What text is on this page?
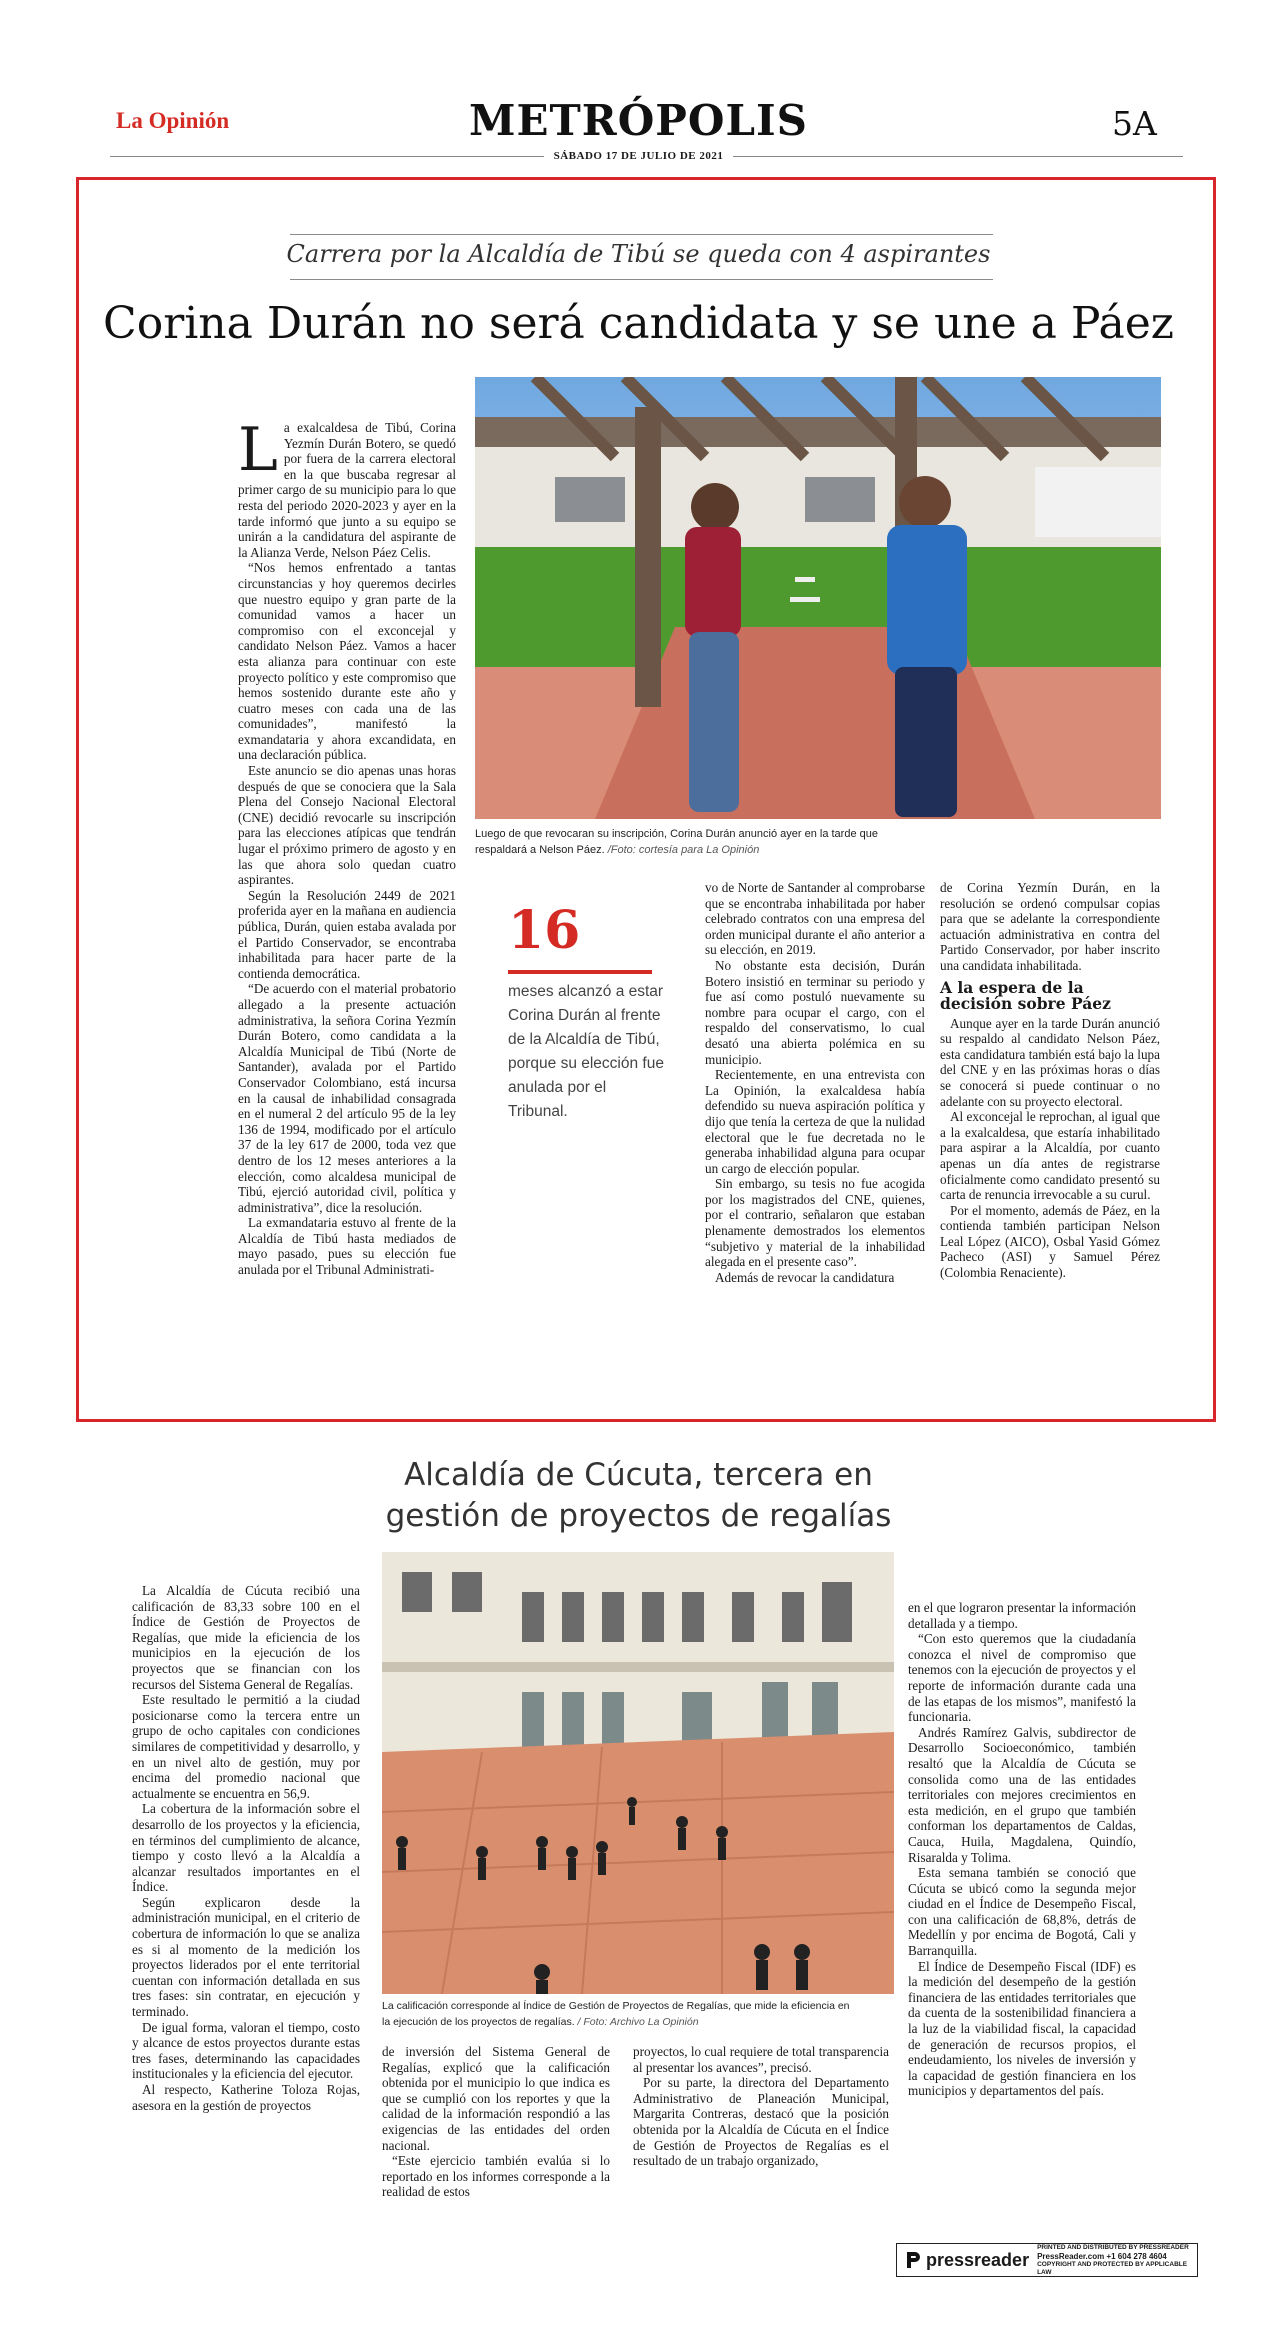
La Opinión	METRÓPOLIS	5A
SÁBADO 17 DE JULIO DE 2021
Carrera por la Alcaldía de Tibú se queda con 4 aspirantes
Corina Durán no será candidata y se une a Páez
Luego de que revocaran su inscripción, Corina Durán anunció ayer en la tarde que respaldará a Nelson Páez. /Foto: cortesía para La Opinión

La exalcaldesa de Tibú, Corina Yezmín Durán Botero, se quedó por fuera de la carrera electoral en la que buscaba regresar al primer cargo de su municipio para lo que resta del periodo 2020-2023 y ayer en la tarde informó que junto a su equipo se unirán a la candidatura del aspirante de la Alianza Verde, Nelson Páez Celis.

“Nos hemos enfrentado a tantas circunstancias y hoy queremos decirles que nuestro equipo y gran parte de la comunidad vamos a hacer un compromiso con el exconcejal y candidato Nelson Páez. Vamos a hacer esta alianza para continuar con este proyecto político y este compromiso que hemos sostenido durante este año y cuatro meses con cada una de las comunidades”, manifestó la exmandataria y ahora excandidata, en una declaración pública.

Este anuncio se dio apenas unas horas después de que se conociera que la Sala Plena del Consejo Nacional Electoral (CNE) decidió revocarle su inscripción para las elecciones atípicas que tendrán lugar el próximo primero de agosto y en las que ahora solo quedan cuatro aspirantes.

Según la Resolución 2449 de 2021 proferida ayer en la mañana en audiencia pública, Durán, quien estaba avalada por el Partido Conservador, se encontraba inhabilitada para hacer parte de la contienda democrática.

“De acuerdo con el material probatorio allegado a la presente actuación administrativa, la señora Corina Yezmín Durán Botero, como candidata a la Alcaldía Municipal de Tibú (Norte de Santander), avalada por el Partido Conservador Colombiano, está incursa en la causal de inhabilidad consagrada en el numeral 2 del artículo 95 de la ley 136 de 1994, modificado por el artículo 37 de la ley 617 de 2000, toda vez que dentro de los 12 meses anteriores a la elección, como alcaldesa municipal de Tibú, ejerció autoridad civil, política y administrativa”, dice la resolución.

La exmandataria estuvo al frente de la Alcaldía de Tibú hasta mediados de mayo pasado, pues su elección fue anulada por el Tribunal Administrati-

16
meses alcanzó a estar Corina Durán al frente de la Alcaldía de Tibú, porque su elección fue anulada por el Tribunal.

vo de Norte de Santander al comprobarse que se encontraba inhabilitada por haber celebrado contratos con una empresa del orden municipal durante el año anterior a su elección, en 2019.

No obstante esta decisión, Durán Botero insistió en terminar su periodo y fue así como postuló nuevamente su nombre para ocupar el cargo, con el respaldo del conservatismo, lo cual desató una abierta polémica en su municipio.

Recientemente, en una entrevista con La Opinión, la exalcaldesa había defendido su nueva aspiración política y dijo que tenía la certeza de que la nulidad electoral que le fue decretada no le generaba inhabilidad alguna para ocupar un cargo de elección popular.

Sin embargo, su tesis no fue acogida por los magistrados del CNE, quienes, por el contrario, señalaron que estaban plenamente demostrados los elementos “subjetivo y material de la inhabilidad alegada en el presente caso”.

Además de revocar la candidatura

de Corina Yezmín Durán, en la resolución se ordenó compulsar copias para que se adelante la correspondiente actuación administrativa en contra del Partido Conservador, por haber inscrito una candidata inhabilitada.

A la espera de la decisión sobre Páez

Aunque ayer en la tarde Durán anunció su respaldo al candidato Nelson Páez, esta candidatura también está bajo la lupa del CNE y en las próximas horas o días se conocerá si puede continuar o no adelante con su proyecto electoral.

Al exconcejal le reprochan, al igual que a la exalcaldesa, que estaría inhabilitado para aspirar a la Alcaldía, por cuanto apenas un día antes de registrarse oficialmente como candidato presentó su carta de renuncia irrevocable a su curul.

Por el momento, además de Páez, en la contienda también participan Nelson Leal López (AICO), Osbal Yasid Gómez Pacheco (ASI) y Samuel Pérez (Colombia Renaciente).

Alcaldía de Cúcuta, tercera en
gestión de proyectos de regalías
La calificación corresponde al Índice de Gestión de Proyectos de Regalías, que mide la eficiencia en la ejecución de los proyectos de regalías. / Foto: Archivo La Opinión

La Alcaldía de Cúcuta recibió una calificación de 83,33 sobre 100 en el Índice de Gestión de Proyectos de Regalías, que mide la eficiencia de los municipios en la ejecución de los proyectos que se financian con los recursos del Sistema General de Regalías.

Este resultado le permitió a la ciudad posicionarse como la tercera entre un grupo de ocho capitales con condiciones similares de competitividad y desarrollo, y en un nivel alto de gestión, muy por encima del promedio nacional que actualmente se encuentra en 56,9.

La cobertura de la información sobre el desarrollo de los proyectos y la eficiencia, en términos del cumplimiento de alcance, tiempo y costo llevó a la Alcaldía a alcanzar resultados importantes en el Índice.

Según explicaron desde la administración municipal, en el criterio de cobertura de información lo que se analiza es si al momento de la medición los proyectos liderados por el ente territorial cuentan con información detallada en sus tres fases: sin contratar, en ejecución y terminado.

De igual forma, valoran el tiempo, costo y alcance de estos proyectos durante estas tres fases, determinando las capacidades institucionales y la eficiencia del ejecutor.

Al respecto, Katherine Toloza Rojas, asesora en la gestión de proyectos

de inversión del Sistema General de Regalías, explicó que la calificación obtenida por el municipio lo que indica es que se cumplió con los reportes y que la calidad de la información respondió a las exigencias de las entidades del orden nacional.

“Este ejercicio también evalúa si lo reportado en los informes corresponde a la realidad de estos

proyectos, lo cual requiere de total transparencia al presentar los avances”, precisó.

Por su parte, la directora del Departamento Administrativo de Planeación Municipal, Margarita Contreras, destacó que la posición obtenida por la Alcaldía de Cúcuta en el Índice de Gestión de Proyectos de Regalías es el resultado de un trabajo organizado,

en el que lograron presentar la información detallada y a tiempo.

“Con esto queremos que la ciudadanía conozca el nivel de compromiso que tenemos con la ejecución de proyectos y el reporte de información durante cada una de las etapas de los mismos”, manifestó la funcionaria.

Andrés Ramírez Galvis, subdirector de Desarrollo Socioeconómico, también resaltó que la Alcaldía de Cúcuta se consolida como una de las entidades territoriales con mejores crecimientos en esta medición, en el grupo que también conforman los departamentos de Caldas, Cauca, Huila, Magdalena, Quindío, Risaralda y Tolima.

Esta semana también se conoció que Cúcuta se ubicó como la segunda mejor ciudad en el Índice de Desempeño Fiscal, con una calificación de 68,8%, detrás de Medellín y por encima de Bogotá, Cali y Barranquilla.

El Índice de Desempeño Fiscal (IDF) es la medición del desempeño de la gestión financiera de las entidades territoriales que da cuenta de la sostenibilidad financiera a la luz de la viabilidad fiscal, la capacidad de generación de recursos propios, el endeudamiento, los niveles de inversión y la capacidad de gestión financiera en los municipios y departamentos del país.

pressreader
PRINTED AND DISTRIBUTED BY PRESSREADER
PressReader.com +1 604 278 4604
COPYRIGHT AND PROTECTED BY APPLICABLE LAW
